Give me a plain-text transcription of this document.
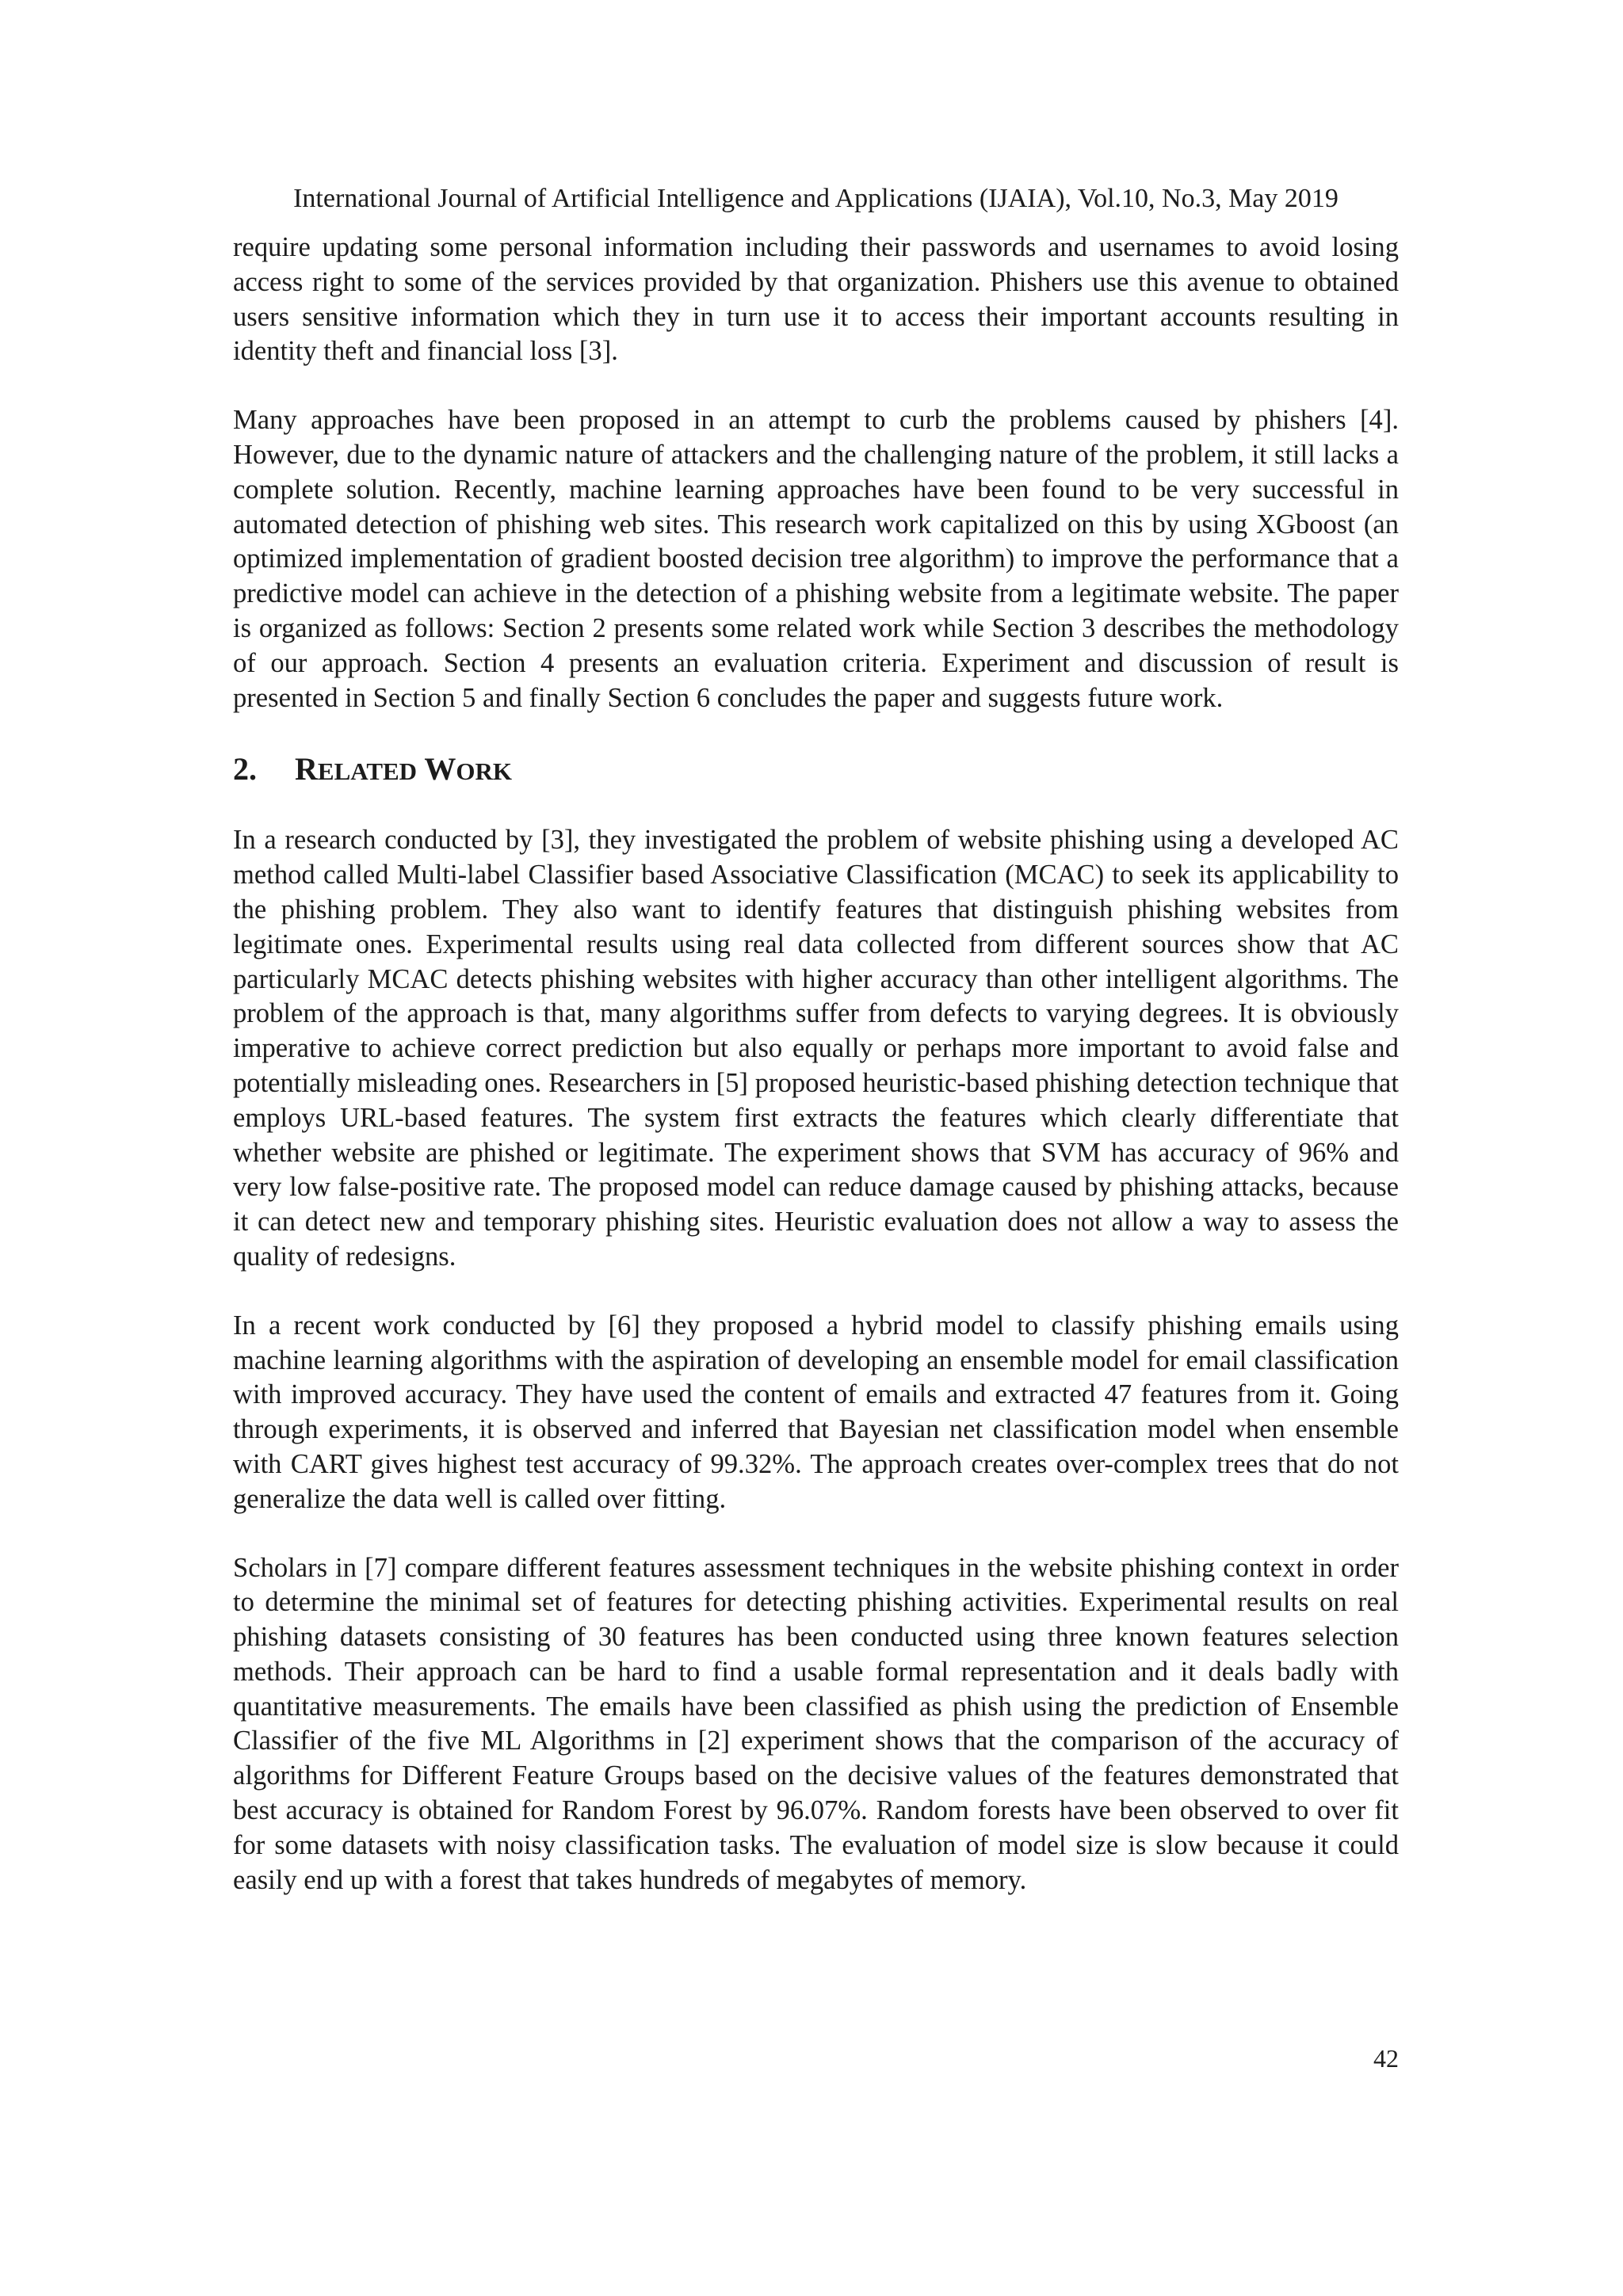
International Journal of Artificial Intelligence and Applications (IJAIA), Vol.10, No.3, May 2019

require updating some personal information including their passwords and usernames to avoid losing access right to some of the services provided by that organization. Phishers use this avenue to obtained users sensitive information which they in turn use it to access their important accounts resulting in identity theft and financial loss [3].

Many approaches have been proposed in an attempt to curb the problems caused by phishers [4]. However, due to the dynamic nature of attackers and the challenging nature of the problem, it still lacks a complete solution. Recently, machine learning approaches have been found to be very successful in automated detection of phishing web sites. This research work capitalized on this by using XGboost (an optimized implementation of gradient boosted decision tree algorithm) to improve the performance that a predictive model can achieve in the detection of a phishing website from a legitimate website. The paper is organized as follows: Section 2 presents some related work while Section 3 describes the methodology of our approach. Section 4 presents an evaluation criteria. Experiment and discussion of result is presented in Section 5 and finally Section 6 concludes the paper and suggests future work.

2. RELATED WORK

In a research conducted by [3], they investigated the problem of website phishing using a developed AC method called Multi-label Classifier based Associative Classification (MCAC) to seek its applicability to the phishing problem. They also want to identify features that distinguish phishing websites from legitimate ones. Experimental results using real data collected from different sources show that AC particularly MCAC detects phishing websites with higher accuracy than other intelligent algorithms. The problem of the approach is that, many algorithms suffer from defects to varying degrees. It is obviously imperative to achieve correct prediction but also equally or perhaps more important to avoid false and potentially misleading ones. Researchers in [5] proposed heuristic-based phishing detection technique that employs URL-based features. The system first extracts the features which clearly differentiate that whether website are phished or legitimate. The experiment shows that SVM has accuracy of 96% and very low false-positive rate. The proposed model can reduce damage caused by phishing attacks, because it can detect new and temporary phishing sites. Heuristic evaluation does not allow a way to assess the quality of redesigns.

In a recent work conducted by [6] they proposed a hybrid model to classify phishing emails using machine learning algorithms with the aspiration of developing an ensemble model for email classification with improved accuracy. They have used the content of emails and extracted 47 features from it. Going through experiments, it is observed and inferred that Bayesian net classification model when ensemble with CART gives highest test accuracy of 99.32%. The approach creates over-complex trees that do not generalize the data well is called over fitting.

Scholars in [7] compare different features assessment techniques in the website phishing context in order to determine the minimal set of features for detecting phishing activities. Experimental results on real phishing datasets consisting of 30 features has been conducted using three known features selection methods. Their approach can be hard to find a usable formal representation and it deals badly with quantitative measurements. The emails have been classified as phish using the prediction of Ensemble Classifier of the five ML Algorithms in [2] experiment shows that the comparison of the accuracy of algorithms for Different Feature Groups based on the decisive values of the features demonstrated that best accuracy is obtained for Random Forest by 96.07%. Random forests have been observed to over fit for some datasets with noisy classification tasks. The evaluation of model size is slow because it could easily end up with a forest that takes hundreds of megabytes of memory.

42
